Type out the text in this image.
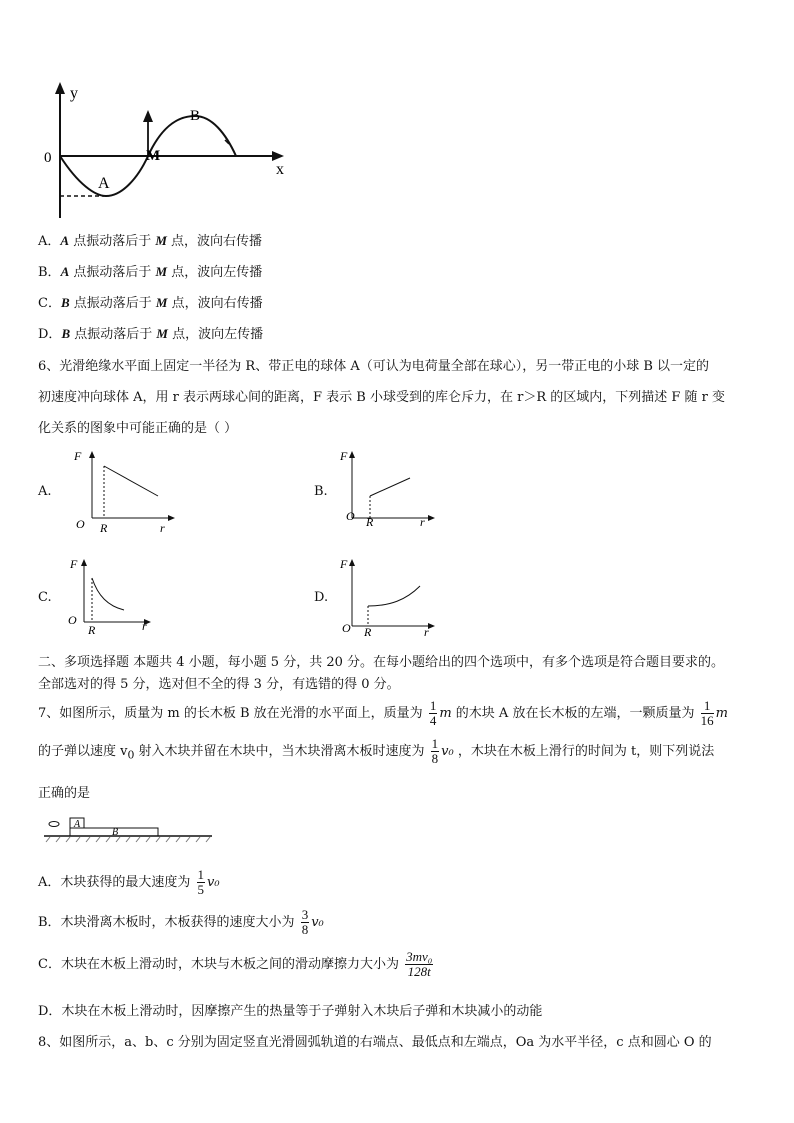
y
x
0
A
B
M
A．A 点振动落后于 M 点，波向右传播
B．A 点振动落后于 M 点，波向左传播
C．B 点振动落后于 M 点，波向右传播
D．B 点振动落后于 M 点，波向左传播
6、光滑绝缘水平面上固定一半径为 R、带正电的球体 A（可认为电荷量全部在球心），另一带正电的小球 B 以一定的
初速度冲向球体 A，用 r 表示两球心间的距离，F 表示 B 小球受到的库仑斥力，在 r＞R 的区域内，下列描述 F 随 r 变
化关系的图象中可能正确的是（ ）
A.
F
O R	r
B.
F
O R	r
C.
F
O
R	r
D.
F
O R	r
二、多项选择题 本题共 4 小题，每小题 5 分，共 20 分。在每小题给出的四个选项中，有多个选项是符合题目要求的。
全部选对的得 5 分，选对但不全的得 3 分，有选错的得 0 分。
7、如图所示，质量为 m 的长木板 B 放在光滑的水平面上，质量为 $\frac{1}{4}$ m 的木块 A 放在长木板的左端，一颗质量为 $\frac{1}{16}$ m
的子弹以速度 $v_0$ 射入木块并留在木块中，当木块滑离木板时速度为 $\frac{1}{8} v_0$ ，木块在木板上滑行的时间为 t，则下列说法
正确的是
A
B
A．木块获得的最大速度为 $\frac{1}{5} v_0$
B．木块滑离木板时，木板获得的速度大小为 $\frac{3}{8} v_0$
C．木块在木板上滑动时，木块与木板之间的滑动摩擦力大小为 $\frac{\text{3mv₀}}{128t}$
D．木块在木板上滑动时，因摩擦产生的热量等于子弹射入木块后子弹和木块减小的动能
8、如图所示，a、b、c 分别为固定竖直光滑圆弧轨道的右端点、最低点和左端点，Oa 为水平半径，c 点和圆心 O 的
